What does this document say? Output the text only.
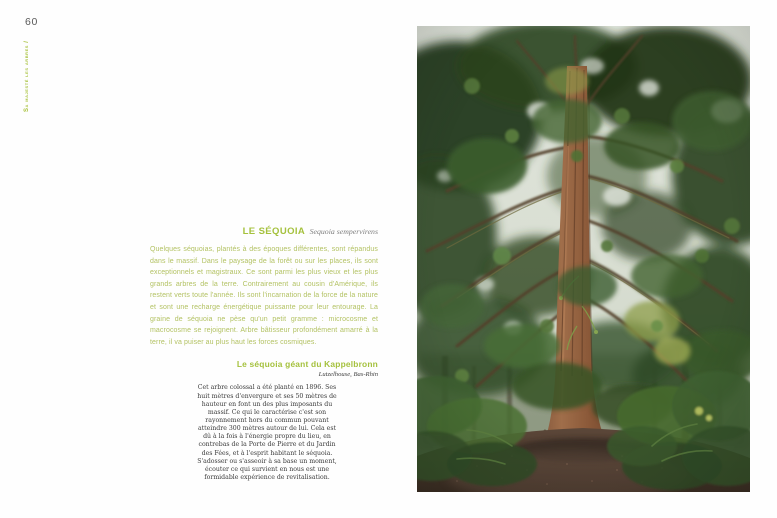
60
Sa majesté les arbres /
LE SÉQUOIA Sequoia sempervirens
Quelques séquoias, plantés à des époques différentes, sont répandus dans le massif. Dans le paysage de la forêt ou sur les places, ils sont exceptionnels et magistraux. Ce sont parmi les plus vieux et les plus grands arbres de la terre. Contrairement au cousin d'Amérique, ils restent verts toute l'année. Ils sont l'incarnation de la force de la nature et sont une recharge énergétique puissante pour leur entourage. La graine de séquoia ne pèse qu'un petit gramme : microcosme et macrocosme se rejoignent. Arbre bâtisseur profondément amarré à la terre, il va puiser au plus haut les forces cosmiques.
Le séquoia géant du Kappelbronn
Lutzelhouse, Bas-Rhin
Cet arbre colossal a été planté en 1896. Ses huit mètres d'envergure et ses 50 mètres de hauteur en font un des plus imposants du massif. Ce qui le caractérise c'est son rayonnement hors du commun pouvant atteindre 300 mètres autour de lui. Cela est dû à la fois à l'énergie propre du lieu, en contrebas de la Porte de Pierre et du Jardin des Fées, et à l'esprit habitant le séquoia. S'adosser ou s'asseoir à sa base un moment, écouter ce qui survient en nous est une formidable expérience de revitalisation.
